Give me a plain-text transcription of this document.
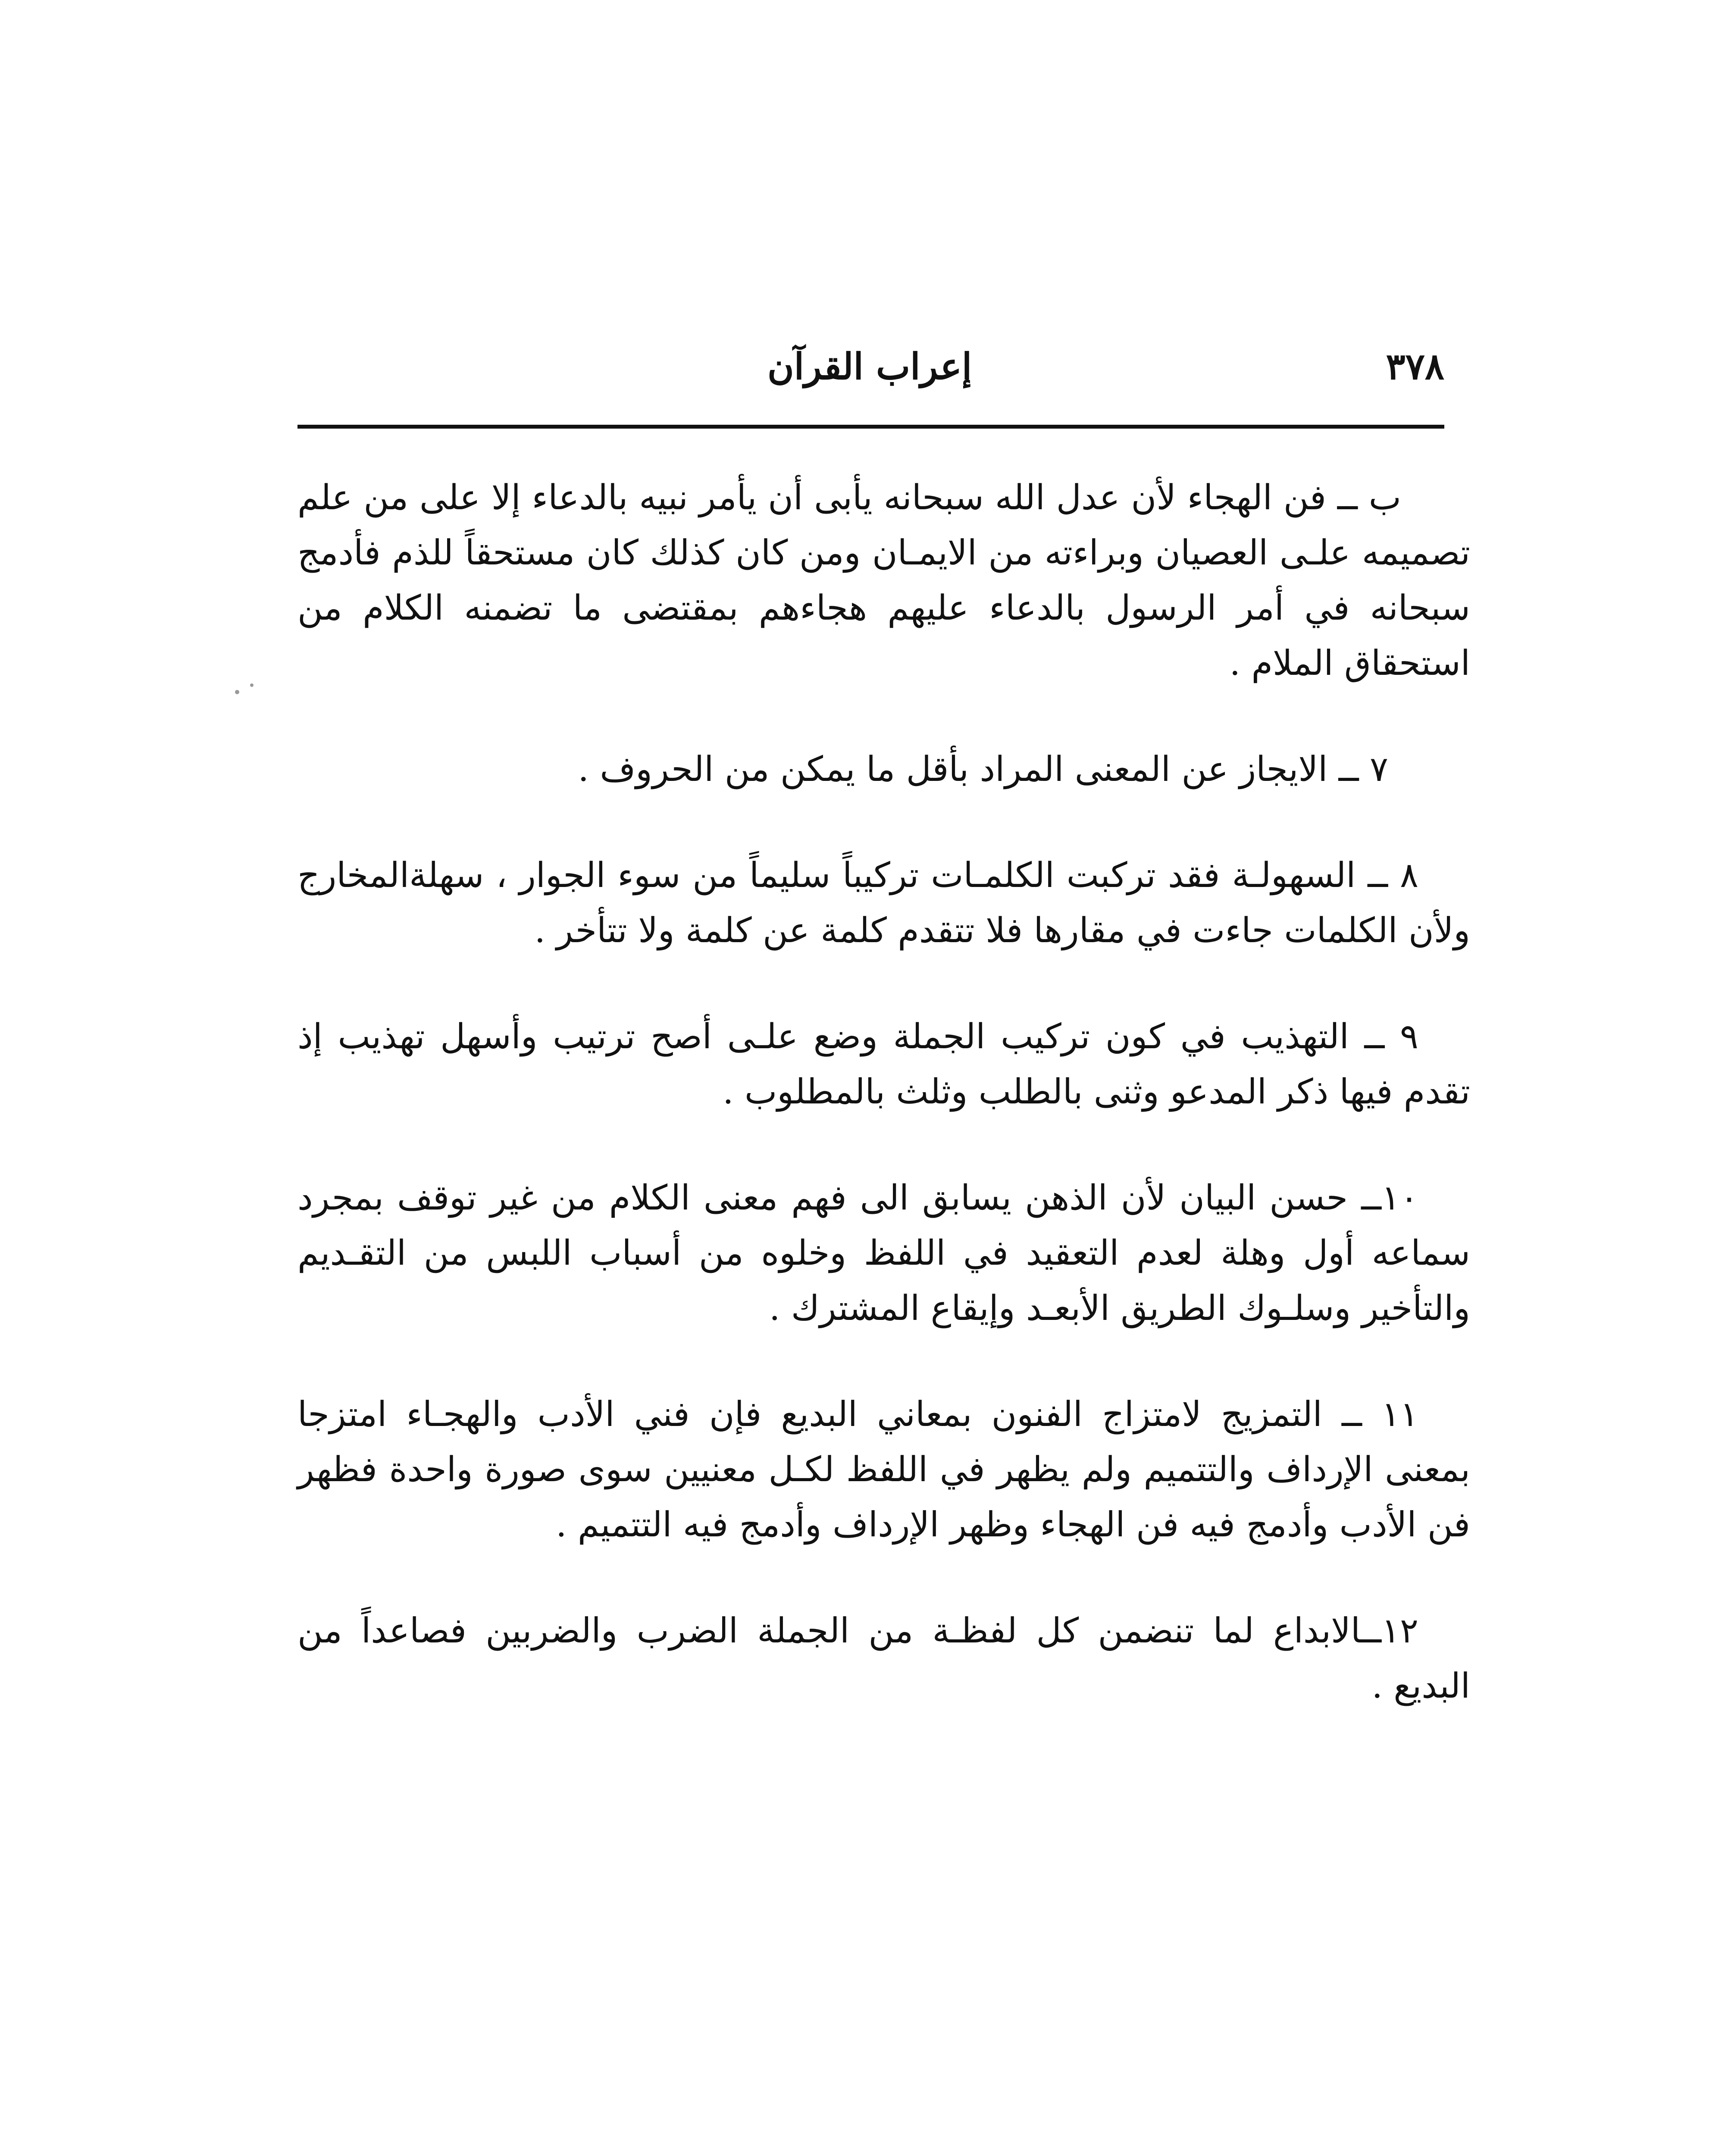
٣٧٨
إعراب القرآن

ب ــ فن الهجاء لأن عدل الله سبحانه يأبى أن يأمر نبيه بالدعاء إلا على من علم تصميمه علـى العصيان وبراءته من الايمـان ومن كان كذلك كان مستحقاً للذم فأدمج سبحانه في أمر الرسول بالدعاء عليهم هجاءهم بمقتضى ما تضمنه الكلام من استحقاق الملام .

٧ ــ الايجاز عن المعنى المراد بأقل ما يمكن من الحروف .

٨ ــ السهولـة فقد تركبت الكلمـات تركيباً سليماً من سوء الجوار ، سهلةالمخارج ولأن الكلمات جاءت في مقارها فلا تتقدم كلمة عن كلمة ولا تتأخر .

٩ ــ التهذيب في كون تركيب الجملة وضع علـى أصح ترتيب وأسهل تهذيب إذ تقدم فيها ذكر المدعو وثنى بالطلب وثلث بالمطلوب .

١٠ــ حسن البيان لأن الذهن يسابق الى فهم معنى الكلام من غير توقف بمجرد سماعه أول وهلة لعدم التعقيد في اللفظ وخلوه من أسباب اللبس من التقـديم والتأخير وسلـوك الطريق الأبعـد وإيقاع المشترك .

١١ ــ التمزيج لامتزاج الفنون بمعاني البديع فإن فني الأدب والهجـاء امتزجا بمعنى الإرداف والتتميم ولم يظهر في اللفظ لكـل معنيين سوى صورة واحدة فظهر فن الأدب وأدمج فيه فن الهجاء وظهر الإرداف وأدمج فيه التتميم .

١٢ــالابداع لما تنضمن كل لفظـة من الجملة الضرب والضربين فصاعداً من البديع .
